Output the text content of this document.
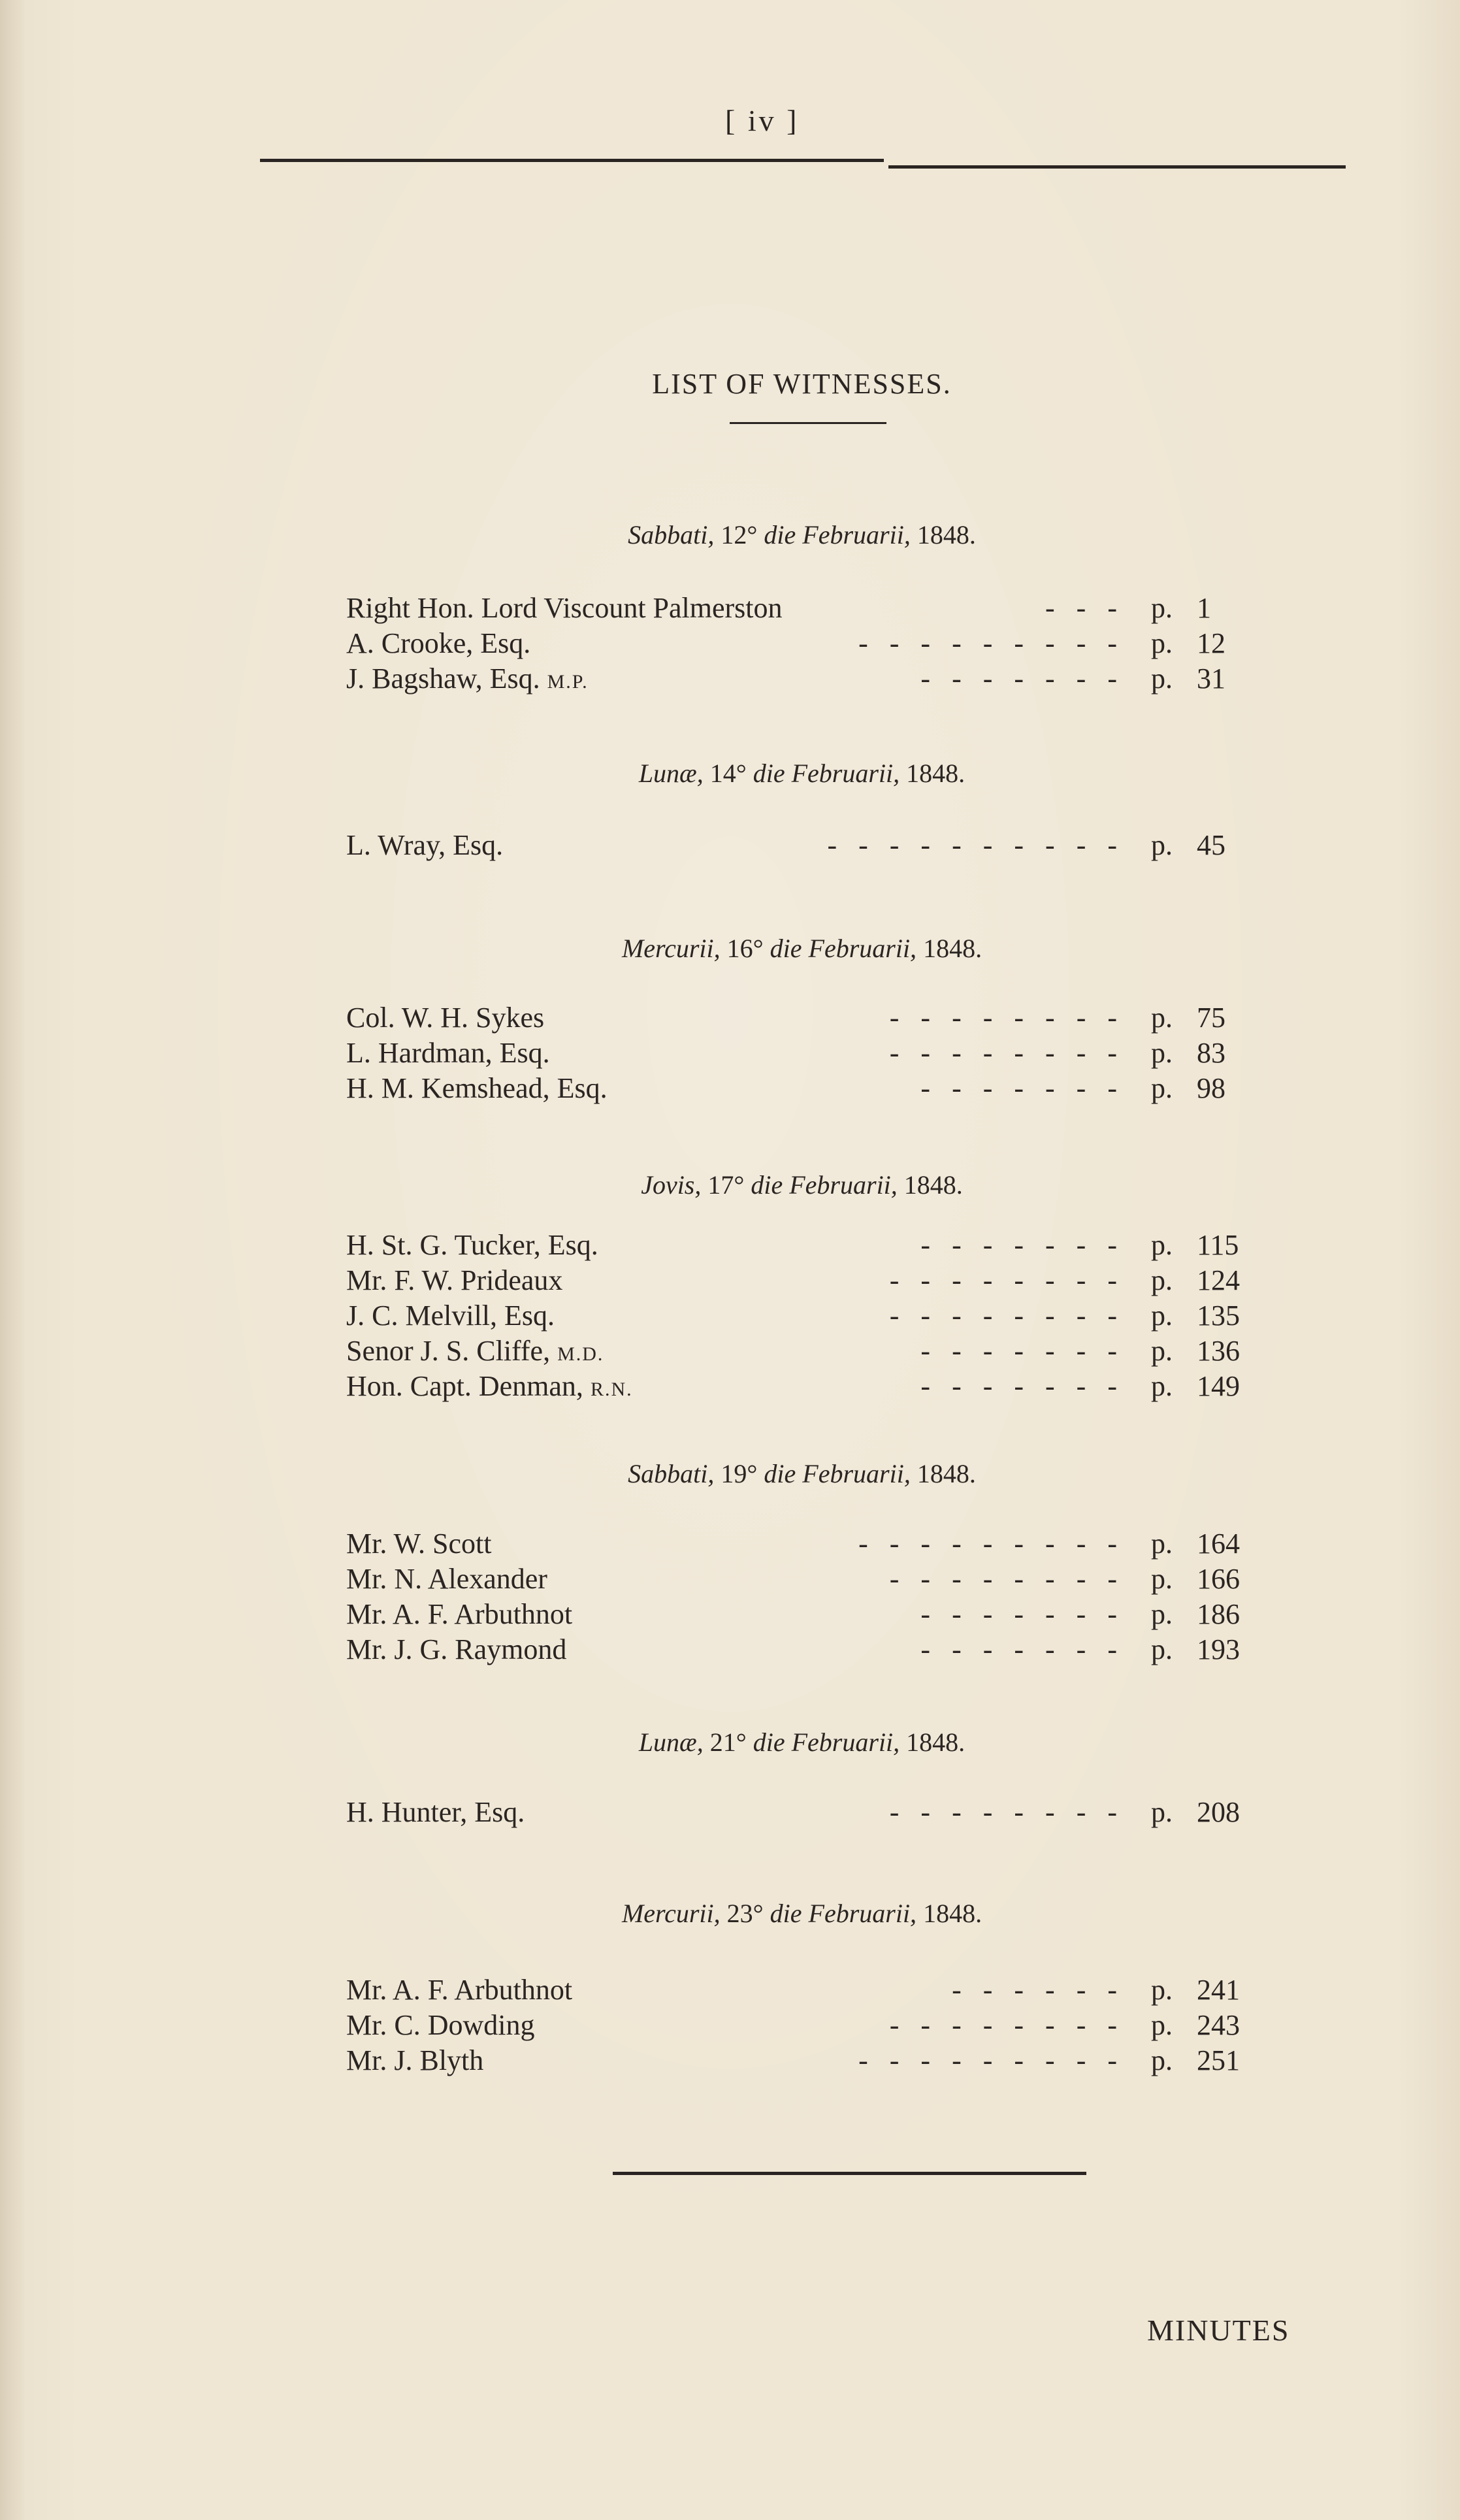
[ iv ]
LIST OF WITNESSES.
Sabbati, 12° die Februarii, 1848.
Right Hon. Lord Viscount Palmerston	-   -   - p. 1
A. Crooke, Esq.	-   -   -   -   -   -   -   -   - p. 12
J. Bagshaw, Esq. M.P.	-   -   -   -   -   -   - p. 31
Lunæ, 14° die Februarii, 1848.
L. Wray, Esq.	-   -   -   -   -   -   -   -   -   - p. 45
Mercurii, 16° die Februarii, 1848.
Col. W. H. Sykes	-   -   -   -   -   -   -   - p. 75
L. Hardman, Esq.	-   -   -   -   -   -   -   - p. 83
H. M. Kemshead, Esq.	-   -   -   -   -   -   - p. 98
Jovis, 17° die Februarii, 1848.
H. St. G. Tucker, Esq.	-   -   -   -   -   -   - p. 115
Mr. F. W. Prideaux	-   -   -   -   -   -   -   - p. 124
J. C. Melvill, Esq.	-   -   -   -   -   -   -   - p. 135
Senor J. S. Cliffe, M.D.	-   -   -   -   -   -   - p. 136
Hon. Capt. Denman, R.N.	-   -   -   -   -   -   - p. 149
Sabbati, 19° die Februarii, 1848.
Mr. W. Scott	-   -   -   -   -   -   -   -   - p. 164
Mr. N. Alexander	-   -   -   -   -   -   -   - p. 166
Mr. A. F. Arbuthnot	-   -   -   -   -   -   - p. 186
Mr. J. G. Raymond	-   -   -   -   -   -   - p. 193
Lunæ, 21° die Februarii, 1848.
H. Hunter, Esq.	-   -   -   -   -   -   -   - p. 208
Mercurii, 23° die Februarii, 1848.
Mr. A. F. Arbuthnot	-   -   -   -   -   - p. 241
Mr. C. Dowding	-   -   -   -   -   -   -   - p. 243
Mr. J. Blyth	-   -   -   -   -   -   -   -   - p. 251
MINUTES
